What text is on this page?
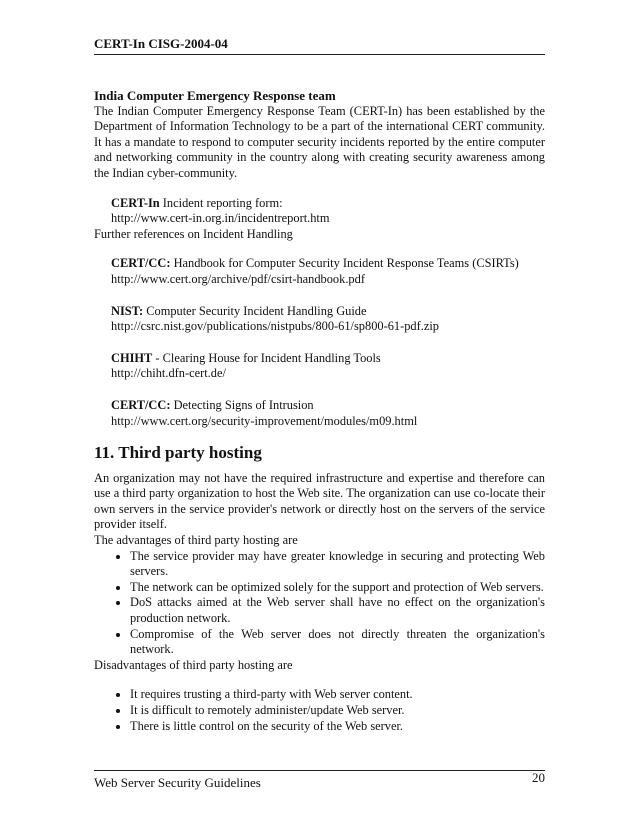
CERT-In CISG-2004-04

India Computer Emergency Response team

The Indian Computer Emergency Response Team (CERT-In) has been established by the Department of Information Technology to be a part of the international CERT community. It has a mandate to respond to computer security incidents reported by the entire computer and networking community in the country along with creating security awareness among the Indian cyber-community.

CERT-In Incident reporting form:
http://www.cert-in.org.in/incidentreport.htm

Further references on Incident Handling

CERT/CC: Handbook for Computer Security Incident Response Teams (CSIRTs)
http://www.cert.org/archive/pdf/csirt-handbook.pdf
NIST: Computer Security Incident Handling Guide
http://csrc.nist.gov/publications/nistpubs/800-61/sp800-61-pdf.zip
CHIHT - Clearing House for Incident Handling Tools
http://chiht.dfn-cert.de/
CERT/CC: Detecting Signs of Intrusion
http://www.cert.org/security-improvement/modules/m09.html
11. Third party hosting

An organization may not have the required infrastructure and expertise and therefore can use a third party organization to host the Web site. The organization can use co-locate their own servers in the service provider's network or directly host on the servers of the service provider itself.

The advantages of third party hosting are

• The service provider may have greater knowledge in securing and protecting Web servers.
• The network can be optimized solely for the support and protection of Web servers.
• DoS attacks aimed at the Web server shall have no effect on the organization's production network.
• Compromise of the Web server does not directly threaten the organization's network.

Disadvantages of third party hosting are

• It requires trusting a third-party with Web server content.
• It is difficult to remotely administer/update Web server.
• There is little control on the security of the Web server.
Web Server Security Guidelines	20
